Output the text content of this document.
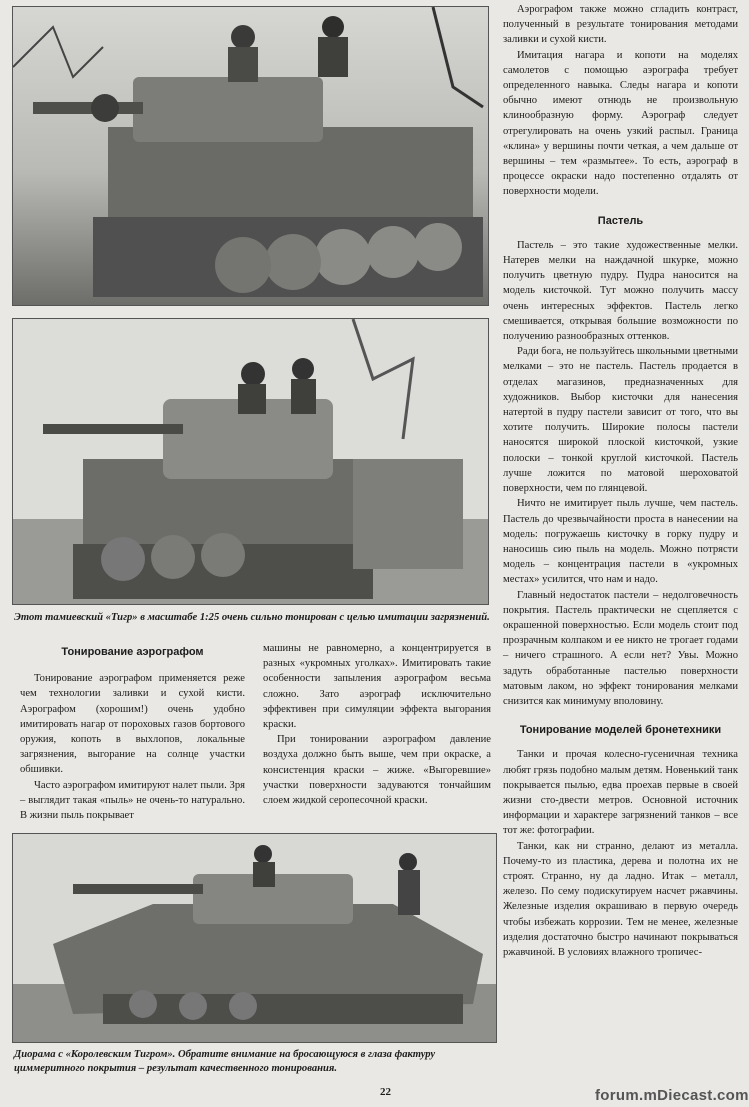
Аэрографом также можно сгладить контраст, полученный в результате тонирования методами заливки и сухой кисти.

Имитация нагара и копоти на моделях самолетов с помощью аэрографа требует определенного навыка. Следы нагара и копоти обычно имеют отнюдь не произвольную клинообразную форму. Аэрограф следует отрегулировать на очень узкий распыл. Граница «клина» у вершины почти четкая, а чем дальше от вершины – тем «размытее». То есть, аэрограф в процессе окраски надо постепенно отдалять от поверхности модели.

Пастель

Пастель – это такие художественные мелки. Натерев мелки на наждачной шкурке, можно получить цветную пудру. Пудра наносится на модель кисточкой. Тут можно получить массу очень интересных эффектов. Пастель легко смешивается, открывая большие возможности по получению разнообразных оттенков.

Ради бога, не пользуйтесь школьными цветными мелками – это не пастель. Пастель продается в отделах магазинов, предназначенных для художников. Выбор кисточки для нанесения натертой в пудру пастели зависит от того, что вы хотите получить. Широкие полосы пастели наносятся широкой плоской кисточкой, узкие полоски – тонкой круглой кисточкой. Пастель лучше ложится по матовой шероховатой поверхности, чем по глянцевой.

Ничто не имитирует пыль лучше, чем пастель. Пастель до чрезвычайности проста в нанесении на модель: погружаешь кисточку в горку пудру и наносишь сию пыль на модель. Можно потрясти модель – концентрация пастели в «укромных местах» усилится, что нам и надо.

Главный недостаток пастели – недолговечность покрытия. Пастель практически не сцепляется с окрашенной поверхностью. Если модель стоит под прозрачным колпаком и ее никто не трогает годами – ничего страшного. А если нет? Увы. Можно задуть обработанные пастелью поверхности матовым лаком, но эффект тонирования мелками снизится как минимуму вполовину.

Тонирование моделей бронетехники

Танки и прочая колесно-гусеничная техника любят грязь подобно малым детям. Новенький танк покрывается пылью, едва проехав первые в своей жизни сто-двести метров. Основной источник информации и характере загрязнений танков – все тот же: фотографии.

Танки, как ни странно, делают из металла. Почему-то из пластика, дерева и полотна их не строят. Странно, ну да ладно. Итак – металл, железо. По сему подискутируем насчет ржавчины. Железные изделия окрашиваю в первую очередь чтобы избежать коррозии. Тем не менее, железные изделия достаточно быстро начинают покрываться ржавчиной. В условиях влажного тропичес-

Этот тамиевский «Тигр» в масштабе 1:25 очень сильно тонирован с целью имитации загрязнений.
Тонирование аэрографом

Тонирование аэрографом применяется реже чем технологии заливки и сухой кисти. Аэрографом (хорошим!) очень удобно имитировать нагар от пороховых газов бортового оружия, копоть в выхлопов, локальные загрязнения, выгорание на солнце участки обшивки.

Часто аэрографом имитируют налет пыли. Зря – выглядит такая «пыль» не очень-то натурально. В жизни пыль покрывает

машины не равномерно, а концентрируется в разных «укромных уголках». Имитировать такие особенности запыления аэрографом весьма сложно. Зато аэрограф исключительно эффективен при симуляции эффекта выгорания краски.

При тонировании аэрографом давление воздуха должно быть выше, чем при окраске, а консистенция краски – жиже. «Выгоревшие» участки поверхности задуваются тончайшим слоем жидкой серопесочной краски.

Диорама с «Королевским Тигром». Обратите внимание на бросающуюся в глаза фактуру циммеритного покрытия – результат качественного тонирования.
22	forum.mDiecast.com
